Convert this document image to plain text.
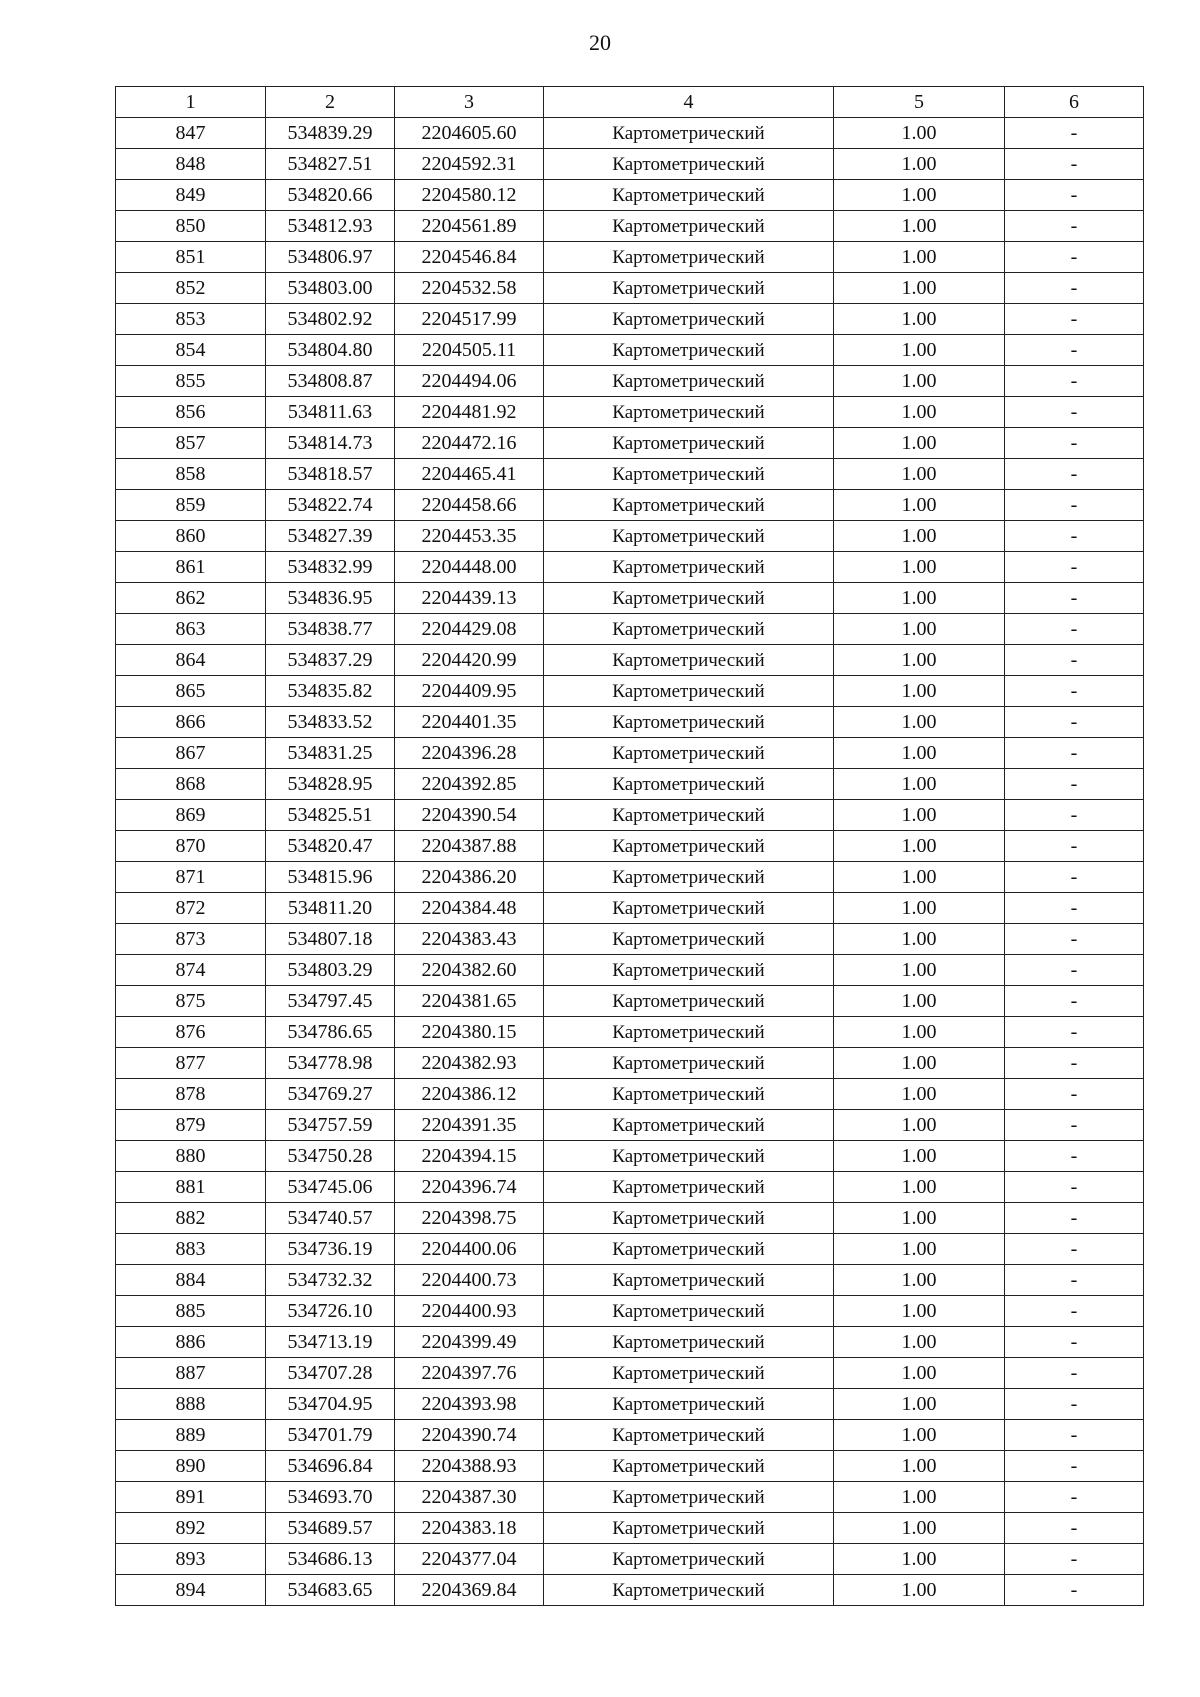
20
1	2	3	4	5	6
847	534839.29	2204605.60	Картометрический	1.00	-
848	534827.51	2204592.31	Картометрический	1.00	-
849	534820.66	2204580.12	Картометрический	1.00	-
850	534812.93	2204561.89	Картометрический	1.00	-
851	534806.97	2204546.84	Картометрический	1.00	-
852	534803.00	2204532.58	Картометрический	1.00	-
853	534802.92	2204517.99	Картометрический	1.00	-
854	534804.80	2204505.11	Картометрический	1.00	-
855	534808.87	2204494.06	Картометрический	1.00	-
856	534811.63	2204481.92	Картометрический	1.00	-
857	534814.73	2204472.16	Картометрический	1.00	-
858	534818.57	2204465.41	Картометрический	1.00	-
859	534822.74	2204458.66	Картометрический	1.00	-
860	534827.39	2204453.35	Картометрический	1.00	-
861	534832.99	2204448.00	Картометрический	1.00	-
862	534836.95	2204439.13	Картометрический	1.00	-
863	534838.77	2204429.08	Картометрический	1.00	-
864	534837.29	2204420.99	Картометрический	1.00	-
865	534835.82	2204409.95	Картометрический	1.00	-
866	534833.52	2204401.35	Картометрический	1.00	-
867	534831.25	2204396.28	Картометрический	1.00	-
868	534828.95	2204392.85	Картометрический	1.00	-
869	534825.51	2204390.54	Картометрический	1.00	-
870	534820.47	2204387.88	Картометрический	1.00	-
871	534815.96	2204386.20	Картометрический	1.00	-
872	534811.20	2204384.48	Картометрический	1.00	-
873	534807.18	2204383.43	Картометрический	1.00	-
874	534803.29	2204382.60	Картометрический	1.00	-
875	534797.45	2204381.65	Картометрический	1.00	-
876	534786.65	2204380.15	Картометрический	1.00	-
877	534778.98	2204382.93	Картометрический	1.00	-
878	534769.27	2204386.12	Картометрический	1.00	-
879	534757.59	2204391.35	Картометрический	1.00	-
880	534750.28	2204394.15	Картометрический	1.00	-
881	534745.06	2204396.74	Картометрический	1.00	-
882	534740.57	2204398.75	Картометрический	1.00	-
883	534736.19	2204400.06	Картометрический	1.00	-
884	534732.32	2204400.73	Картометрический	1.00	-
885	534726.10	2204400.93	Картометрический	1.00	-
886	534713.19	2204399.49	Картометрический	1.00	-
887	534707.28	2204397.76	Картометрический	1.00	-
888	534704.95	2204393.98	Картометрический	1.00	-
889	534701.79	2204390.74	Картометрический	1.00	-
890	534696.84	2204388.93	Картометрический	1.00	-
891	534693.70	2204387.30	Картометрический	1.00	-
892	534689.57	2204383.18	Картометрический	1.00	-
893	534686.13	2204377.04	Картометрический	1.00	-
894	534683.65	2204369.84	Картометрический	1.00	-
